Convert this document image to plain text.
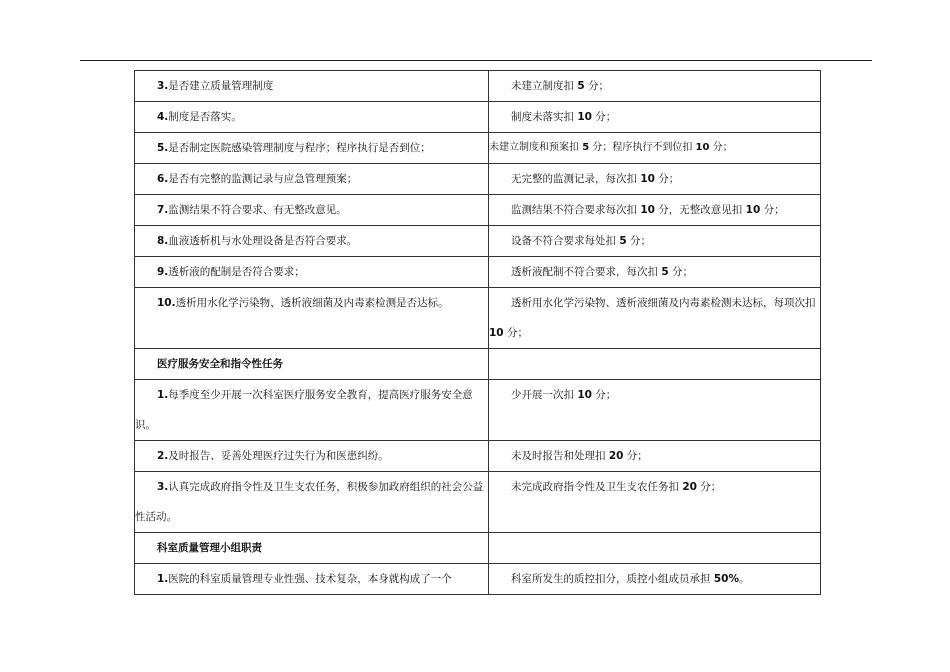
3.是否建立质量管理制度	未建立制度扣 5 分；
4.制度是否落实。	制度未落实扣 10 分；
5.是否制定医院感染管理制度与程序；程序执行是否到位；	未建立制度和预案扣 5 分；程序执行不到位扣 10 分；
6.是否有完整的监测记录与应急管理预案；	无完整的监测记录，每次扣 10 分；
7.监测结果不符合要求、有无整改意见。	监测结果不符合要求每次扣 10 分，无整改意见扣 10 分；
8.血液透析机与水处理设备是否符合要求。	设备不符合要求每处扣 5 分；
9.透析液的配制是否符合要求；	透析液配制不符合要求，每次扣 5 分；
10.透析用水化学污染物、透析液细菌及内毒素检测是否达标。	透析用水化学污染物、透析液细菌及内毒素检测未达标，每项次扣 10 分；
医疗服务安全和指令性任务	
1.每季度至少开展一次科室医疗服务安全教育，提高医疗服务安全意识。	少开展一次扣 10 分；
2.及时报告、妥善处理医疗过失行为和医患纠纷。	未及时报告和处理扣 20 分；
3.认真完成政府指令性及卫生支农任务，积极参加政府组织的社会公益性活动。	未完成政府指令性及卫生支农任务扣 20 分；
科室质量管理小组职责	
1.医院的科室质量管理专业性强、技术复杂，本身就构成了一个	科室所发生的质控扣分，质控小组成员承担 50%。
